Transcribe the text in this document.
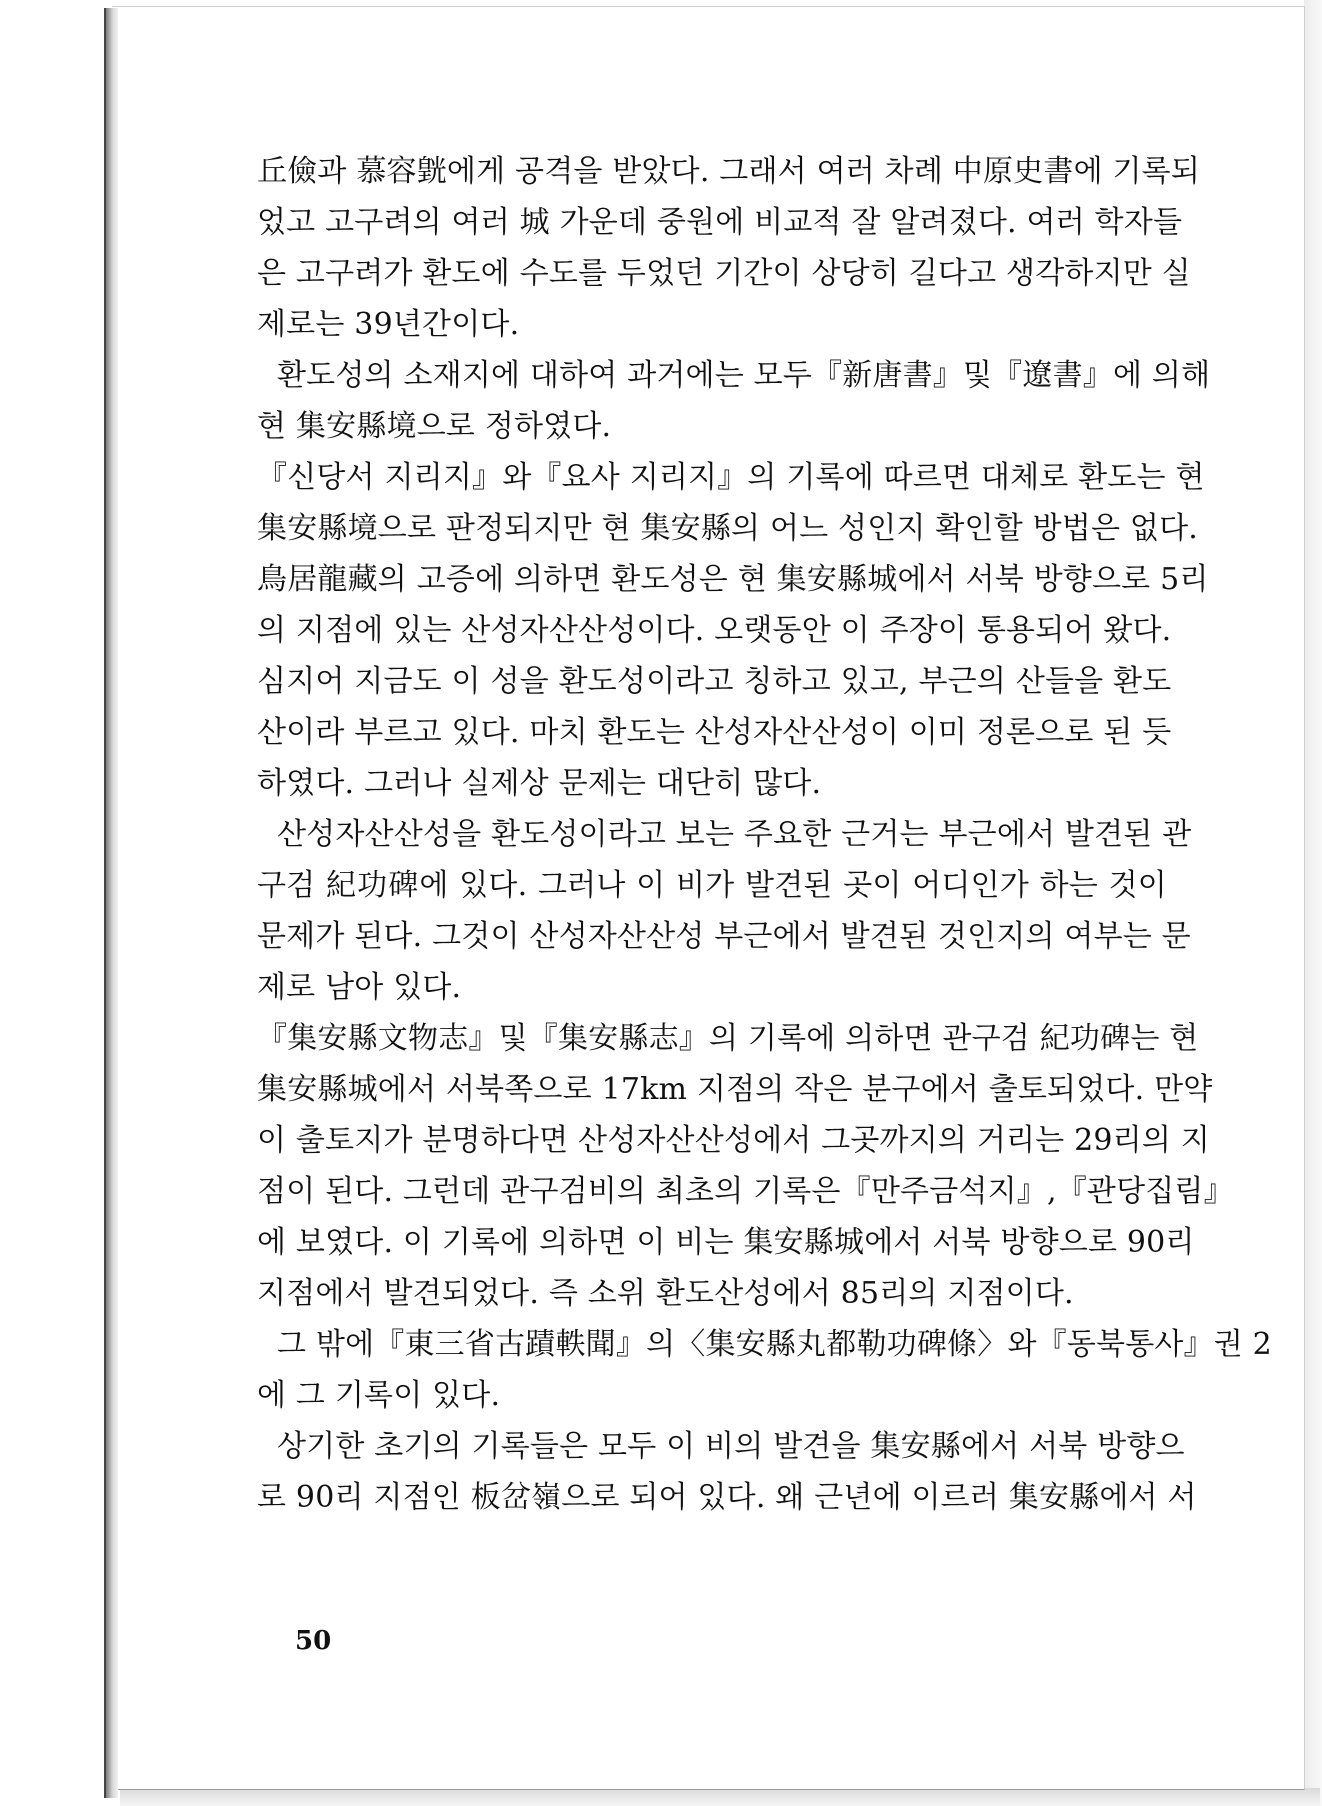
丘儉과 慕容皝에게 공격을 받았다. 그래서 여러 차례 中原史書에 기록되
었고 고구려의 여러 城 가운데 중원에 비교적 잘 알려졌다. 여러 학자들
은 고구려가 환도에 수도를 두었던 기간이 상당히 길다고 생각하지만 실
제로는 39년간이다.
환도성의 소재지에 대하여 과거에는 모두『新唐書』및『遼書』에 의해
현 集安縣境으로 정하였다.
『신당서 지리지』와『요사 지리지』의 기록에 따르면 대체로 환도는 현
集安縣境으로 판정되지만 현 集安縣의 어느 성인지 확인할 방법은 없다.
鳥居龍藏의 고증에 의하면 환도성은 현 集安縣城에서 서북 방향으로 5리
의 지점에 있는 산성자산산성이다. 오랫동안 이 주장이 통용되어 왔다.
심지어 지금도 이 성을 환도성이라고 칭하고 있고, 부근의 산들을 환도
산이라 부르고 있다. 마치 환도는 산성자산산성이 이미 정론으로 된 듯
하였다. 그러나 실제상 문제는 대단히 많다.
산성자산산성을 환도성이라고 보는 주요한 근거는 부근에서 발견된 관
구검 紀功碑에 있다. 그러나 이 비가 발견된 곳이 어디인가 하는 것이
문제가 된다. 그것이 산성자산산성 부근에서 발견된 것인지의 여부는 문
제로 남아 있다.
『集安縣文物志』및『集安縣志』의 기록에 의하면 관구검 紀功碑는 현
集安縣城에서 서북쪽으로 17km 지점의 작은 분구에서 출토되었다. 만약
이 출토지가 분명하다면 산성자산산성에서 그곳까지의 거리는 29리의 지
점이 된다. 그런데 관구검비의 최초의 기록은『만주금석지』,『관당집림』
에 보였다. 이 기록에 의하면 이 비는 集安縣城에서 서북 방향으로 90리
지점에서 발견되었다. 즉 소위 환도산성에서 85리의 지점이다.
그 밖에『東三省古蹟軼聞』의〈集安縣丸都勒功碑條〉와『동북통사』권 2
에 그 기록이 있다.
상기한 초기의 기록들은 모두 이 비의 발견을 集安縣에서 서북 방향으
로 90리 지점인 板岔嶺으로 되어 있다. 왜 근년에 이르러 集安縣에서 서
50
